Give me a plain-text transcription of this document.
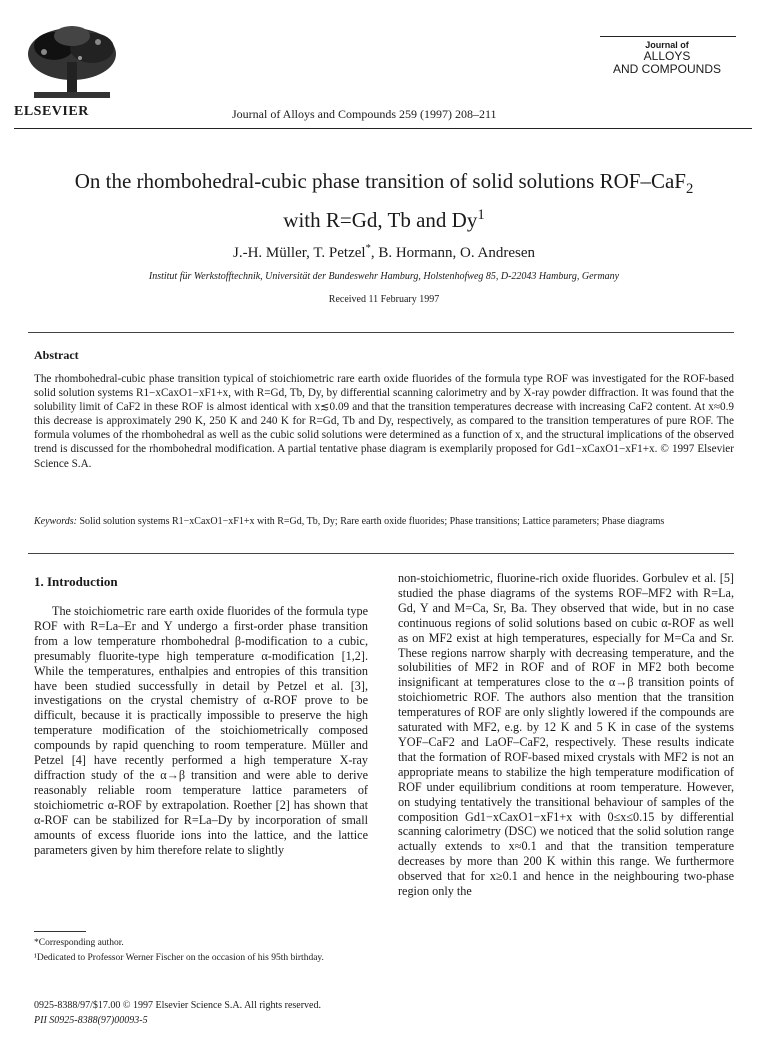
ELSEVIER	Journal of Alloys and Compounds 259 (1997) 208–211
Journal of
ALLOYS
AND COMPOUNDS
On the rhombohedral-cubic phase transition of solid solutions ROF–CaF$_2$
with R=Gd, Tb and Dy$^1$
J.-H. Müller, T. Petzel*, B. Hormann, O. Andresen
Institut für Werkstofftechnik, Universität der Bundeswehr Hamburg, Holstenhofweg 85, D-22043 Hamburg, Germany
Received 11 February 1997
Abstract
The rhombohedral-cubic phase transition typical of stoichiometric rare earth oxide fluorides of the formula type ROF was investigated for the ROF-based solid solution systems R1−xCaxO1−xF1+x, with R=Gd, Tb, Dy, by differential scanning calorimetry and by X-ray powder diffraction. It was found that the solubility limit of CaF2 in these ROF is almost identical with x≲0.09 and that the transition temperatures decrease with increasing CaF2 content. At x≈0.9 this decrease is approximately 290 K, 250 K and 240 K for R=Gd, Tb and Dy, respectively, as compared to the transition temperatures of pure ROF. The formula volumes of the rhombohedral as well as the cubic solid solutions were determined as a function of x, and the structural implications of the observed trend is discussed for the rhombohedral modification. A partial tentative phase diagram is exemplarily proposed for Gd1−xCaxO1−xF1+x. © 1997 Elsevier Science S.A.
Keywords: Solid solution systems R1−xCaxO1−xF1+x with R=Gd, Tb, Dy; Rare earth oxide fluorides; Phase transitions; Lattice parameters; Phase diagrams
1. Introduction

The stoichiometric rare earth oxide fluorides of the formula type ROF with R=La–Er and Y undergo a first-order phase transition from a low temperature rhombohedral β-modification to a cubic, presumably fluorite-type high temperature α-modification [1,2]. While the temperatures, enthalpies and entropies of this transition have been studied successfully in detail by Petzel et al. [3], investigations on the crystal chemistry of α-ROF prove to be difficult, because it is practically impossible to preserve the high temperature modification of the stoichiometrically composed compounds by rapid quenching to room temperature. Müller and Petzel [4] have recently performed a high temperature X-ray diffraction study of the α→β transition and were able to derive reasonably reliable room temperature lattice parameters of stoichiometric α-ROF by extrapolation. Roether [2] has shown that α-ROF can be stabilized for R=La–Dy by incorporation of small amounts of excess fluoride ions into the lattice, and the lattice parameters given by him therefore relate to slightly

non-stoichiometric, fluorine-rich oxide fluorides. Gorbulev et al. [5] studied the phase diagrams of the systems ROF–MF2 with R=La, Gd, Y and M=Ca, Sr, Ba. They observed that wide, but in no case continuous regions of solid solutions based on cubic α-ROF as well as on MF2 exist at high temperatures, especially for M=Ca and Sr. These regions narrow sharply with decreasing temperature, and the solubilities of MF2 in ROF and of ROF in MF2 both become insignificant at temperatures close to the α→β transition points of stoichiometric ROF. The authors also mention that the transition temperatures of ROF are only slightly lowered if the compounds are saturated with MF2, e.g. by 12 K and 5 K in case of the systems YOF–CaF2 and LaOF–CaF2, respectively. These results indicate that the formation of ROF-based mixed crystals with MF2 is not an appropriate means to stabilize the high temperature modification of ROF under equilibrium conditions at room temperature. However, on studying tentatively the transitional behaviour of samples of the composition Gd1−xCaxO1−xF1+x with 0≤x≤0.15 by differential scanning calorimetry (DSC) we noticed that the solid solution range actually extends to x≈0.1 and that the transition temperature decreases by more than 200 K within this range. We furthermore observed that for x≥0.1 and hence in the neighbouring two-phase region only the

*Corresponding author.
¹Dedicated to Professor Werner Fischer on the occasion of his 95th birthday.
0925-8388/97/$17.00 © 1997 Elsevier Science S.A. All rights reserved.
PII S0925-8388(97)00093-5
